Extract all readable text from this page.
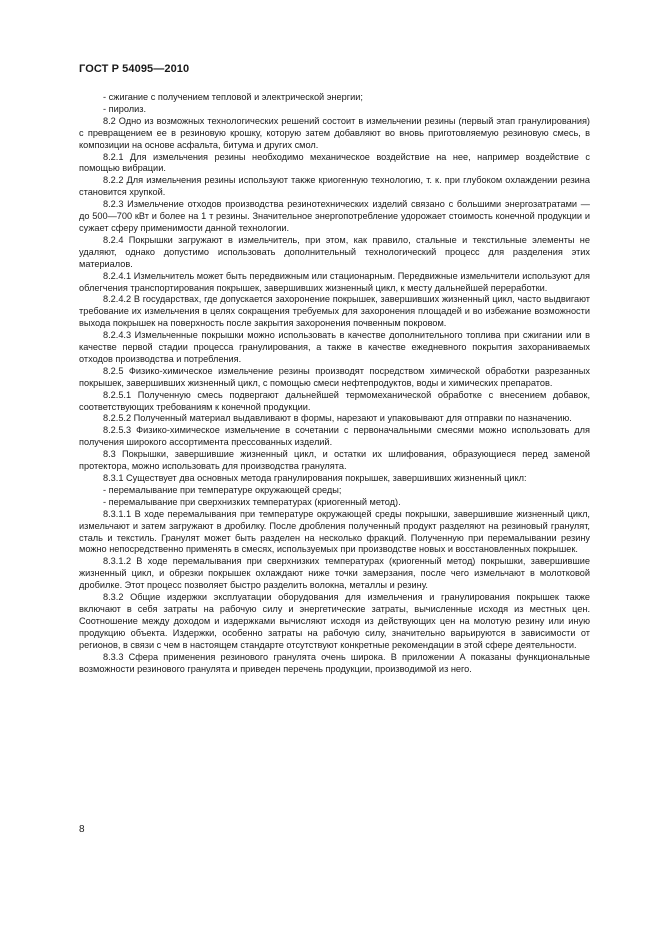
ГОСТ Р 54095—2010

- сжигание с получением тепловой и электрической энергии;

- пиролиз.

8.2 Одно из возможных технологических решений состоит в измельчении резины (первый этап гранулирования) с превращением ее в резиновую крошку, которую затем добавляют во вновь приготовляемую резиновую смесь, в композиции на основе асфальта, битума и других смол.

8.2.1 Для измельчения резины необходимо механическое воздействие на нее, например воздействие с помощью вибрации.

8.2.2 Для измельчения резины используют также криогенную технологию, т. к. при глубоком охлаждении резина становится хрупкой.

8.2.3 Измельчение отходов производства резинотехнических изделий связано с большими энергозатратами — до 500—700 кВт и более на 1 т резины. Значительное энергопотребление удорожает стоимость конечной продукции и сужает сферу применимости данной технологии.

8.2.4 Покрышки загружают в измельчитель, при этом, как правило, стальные и текстильные элементы не удаляют, однако допустимо использовать дополнительный технологический процесс для разделения этих материалов.

8.2.4.1 Измельчитель может быть передвижным или стационарным. Передвижные измельчители используют для облегчения транспортирования покрышек, завершивших жизненный цикл, к месту дальнейшей переработки.

8.2.4.2 В государствах, где допускается захоронение покрышек, завершивших жизненный цикл, часто выдвигают требование их измельчения в целях сокращения требуемых для захоронения площадей и во избежание возможности выхода покрышек на поверхность после закрытия захоронения почвенным покровом.

8.2.4.3 Измельченные покрышки можно использовать в качестве дополнительного топлива при сжигании или в качестве первой стадии процесса гранулирования, а также в качестве ежедневного покрытия захораниваемых отходов производства и потребления.

8.2.5 Физико-химическое измельчение резины производят посредством химической обработки разрезанных покрышек, завершивших жизненный цикл, с помощью смеси нефтепродуктов, воды и химических препаратов.

8.2.5.1 Полученную смесь подвергают дальнейшей термомеханической обработке с внесением добавок, соответствующих требованиям к конечной продукции.

8.2.5.2 Полученный материал выдавливают в формы, нарезают и упаковывают для отправки по назначению.

8.2.5.3 Физико-химическое измельчение в сочетании с первоначальными смесями можно использовать для получения широкого ассортимента прессованных изделий.

8.3 Покрышки, завершившие жизненный цикл, и остатки их шлифования, образующиеся перед заменой протектора, можно использовать для производства гранулята.

8.3.1 Существует два основных метода гранулирования покрышек, завершивших жизненный цикл:

- перемалывание при температуре окружающей среды;

- перемалывание при сверхнизких температурах (криогенный метод).

8.3.1.1 В ходе перемалывания при температуре окружающей среды покрышки, завершившие жизненный цикл, измельчают и затем загружают в дробилку. После дробления полученный продукт разделяют на резиновый гранулят, сталь и текстиль. Гранулят может быть разделен на несколько фракций. Полученную при перемалывании резину можно непосредственно применять в смесях, используемых при производстве новых и восстановленных покрышек.

8.3.1.2 В ходе перемалывания при сверхнизких температурах (криогенный метод) покрышки, завершившие жизненный цикл, и обрезки покрышек охлаждают ниже точки замерзания, после чего измельчают в молотковой дробилке. Этот процесс позволяет быстро разделить волокна, металлы и резину.

8.3.2 Общие издержки эксплуатации оборудования для измельчения и гранулирования покрышек также включают в себя затраты на рабочую силу и энергетические затраты, вычисленные исходя из местных цен. Соотношение между доходом и издержками вычисляют исходя из действующих цен на молотую резину или иную продукцию объекта. Издержки, особенно затраты на рабочую силу, значительно варьируются в зависимости от регионов, в связи с чем в настоящем стандарте отсутствуют конкретные рекомендации в этой сфере деятельности.

8.3.3 Сфера применения резинового гранулята очень широка. В приложении А показаны функциональные возможности резинового гранулята и приведен перечень продукции, производимой из него.

8
